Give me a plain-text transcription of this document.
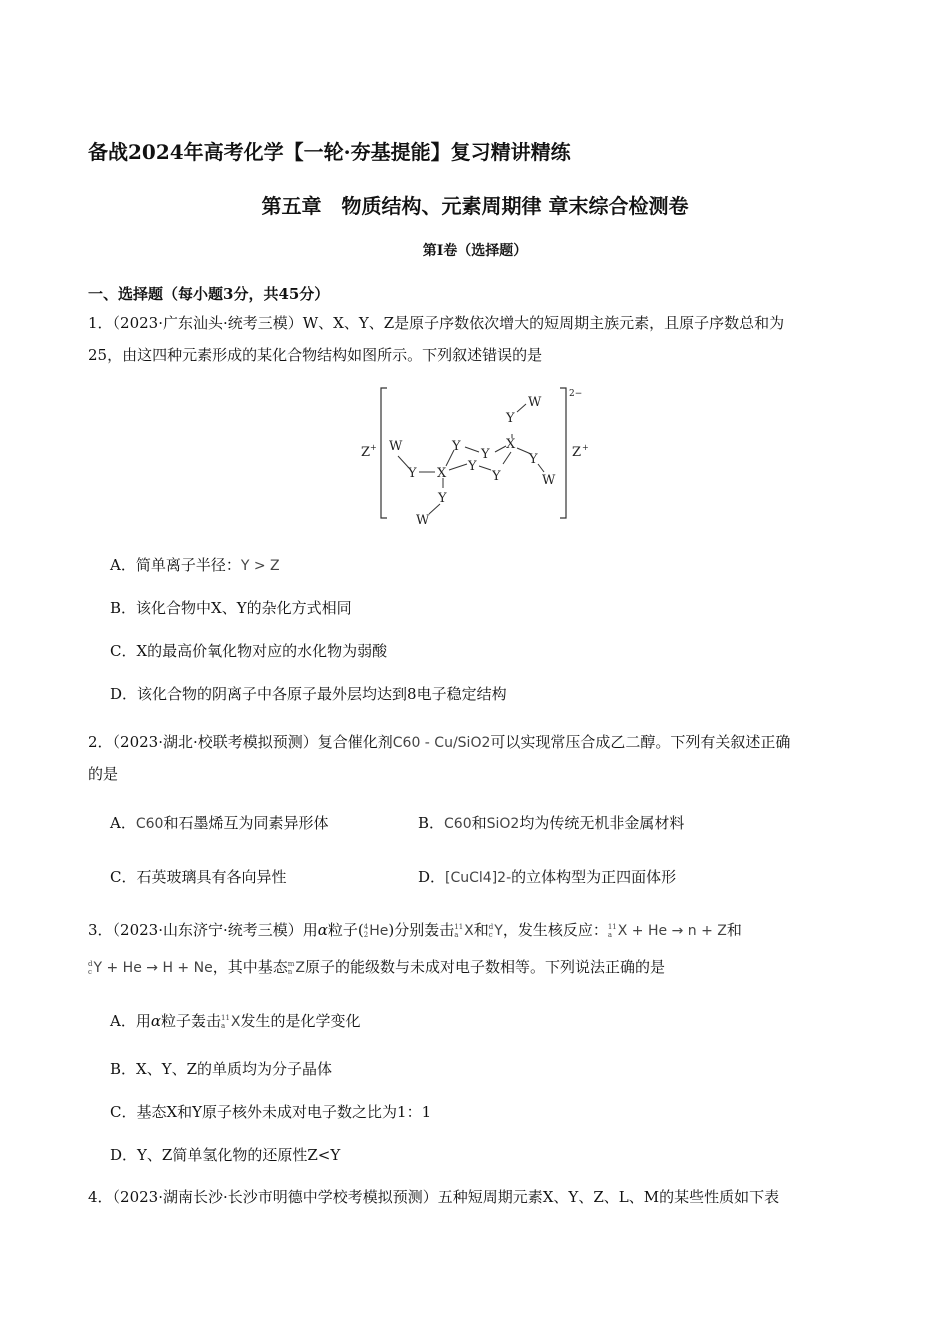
备战2024年高考化学【一轮·夯基提能】复习精讲精练
第五章　物质结构、元素周期律 章末综合检测卷
第I卷（选择题）
一、选择题（每小题3分，共45分）
1．（2023·广东汕头·统考三模）W、X、Y、Z是原子序数依次增大的短周期主族元素，且原子序数总和为
25，由这四种元素形成的某化合物结构如图所示。下列叙述错误的是
2−
Z +	Z +
W
Y X
Y
Y
Y
Y
X
Y
W
Y
W
Y
W
A．简单离子半径：Y > Z
B．该化合物中X、Y的杂化方式相同
C．X的最高价氧化物对应的水化物为弱酸
D．该化合物的阴离子中各原子最外层均达到8电子稳定结构
2．（2023·湖北·校联考模拟预测）复合催化剂C60 - Cu/SiO2可以实现常压合成乙二醇。下列有关叙述正确
的是
A．C60和石墨烯互为同素异形体	B．C60和SiO2均为传统无机非金属材料
C．石英玻璃具有各向异性	D．[CuCl4]2-的立体构型为正四面体形
3．（2023·山东济宁·统考三模）用α粒子(4
2He)分别轰击11
a X和d
c Y，发生核反应：11
a X + He → n + Z和
d
c Y + He → H + Ne，其中基态m
n Z原子的能级数与未成对电子数相等。下列说法正确的是
A．用α粒子轰击11
a X发生的是化学变化
B．X、Y、Z的单质均为分子晶体
C．基态X和Y原子核外未成对电子数之比为1：1
D．Y、Z简单氢化物的还原性Z<Y
4．（2023·湖南长沙·长沙市明德中学校考模拟预测）五种短周期元素X、Y、Z、L、M的某些性质如下表
